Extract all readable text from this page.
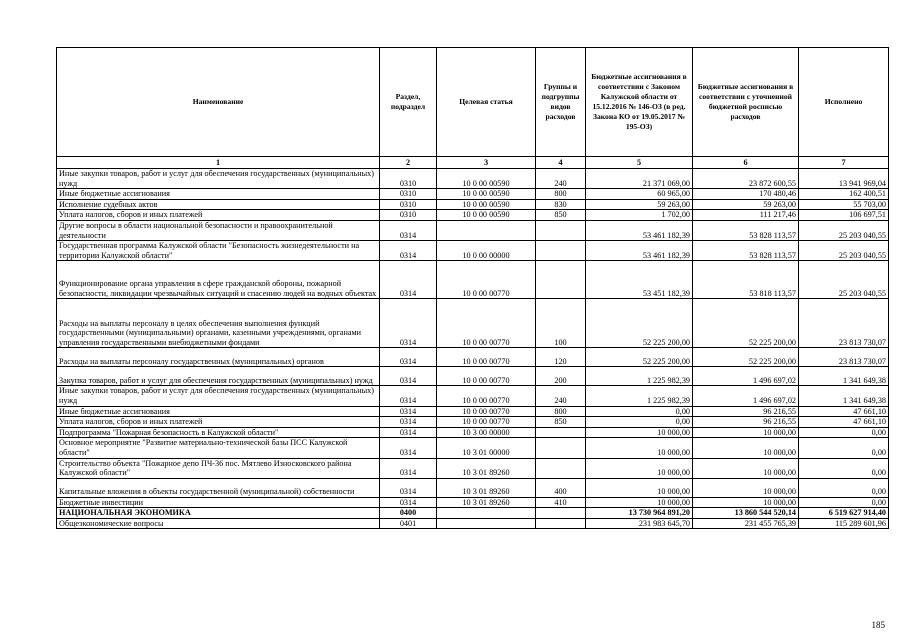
Наименование	Раздел, подраздел	Целевая статья	Группы и подгруппы видов расходов	Бюджетные ассигнования в соответствии с Законом Калужской области от 15.12.2016 № 146-ОЗ (в ред. Закона КО от 19.05.2017 № 195-ОЗ)	Бюджетные ассигнования в соответствии с уточненной бюджетной росписью расходов	Исполнено
1	2	3	4	5	6	7
Иные закупки товаров, работ и услуг для обеспечения государственных (муниципальных) нужд	0310	10 0 00 00590	240	21 371 069,00	23 872 600,55	13 941 969,04
Иные бюджетные ассигнования	0310	10 0 00 00590	800	60 965,00	170 480,46	162 400,51
Исполнение судебных актов	0310	10 0 00 00590	830	59 263,00	59 263,00	55 703,00
Уплата налогов, сборов и иных платежей	0310	10 0 00 00590	850	1 702,00	111 217,46	106 697,51
Другие вопросы в области национальной безопасности и правоохранительной деятельности	0314			53 461 182,39	53 828 113,57	25 203 040,55
Государственная программа Калужской области "Безопасность жизнедеятельности на территории Калужской области"	0314	10 0 00 00000		53 461 182,39	53 828 113,57	25 203 040,55
Функционирование органа управления в сфере гражданской обороны, пожарной безопасности, ликвидации чрезвычайных ситуаций и спасению людей на водных объектах	0314	10 0 00 00770		53 451 182,39	53 818 113,57	25 203 040,55
Расходы на выплаты персоналу в целях обеспечения выполнения функций государственными (муниципальными) органами, казенными учреждениями, органами управления государственными внебюджетными фондами	0314	10 0 00 00770	100	52 225 200,00	52 225 200,00	23 813 730,07
Расходы на выплаты персоналу государственных (муниципальных) органов	0314	10 0 00 00770	120	52 225 200,00	52 225 200,00	23 813 730,07
Закупка товаров, работ и услуг для обеспечения государственных (муниципальных) нужд	0314	10 0 00 00770	200	1 225 982,39	1 496 697,02	1 341 649,38
Иные закупки товаров, работ и услуг для обеспечения государственных (муниципальных) нужд	0314	10 0 00 00770	240	1 225 982,39	1 496 697,02	1 341 649,38
Иные бюджетные ассигнования	0314	10 0 00 00770	800	0,00	96 216,55	47 661,10
Уплата налогов, сборов и иных платежей	0314	10 0 00 00770	850	0,00	96 216,55	47 661,10
Подпрограмма "Пожарная безопасность в Калужской области"	0314	10 3 00 00000		10 000,00	10 000,00	0,00
Основное мероприятие "Развитие материально-технической базы ПСС Калужской области"	0314	10 3 01 00000		10 000,00	10 000,00	0,00
Строительство объекта "Пожарное депо ПЧ-36 пос. Мятлево Износковского района Калужской области"	0314	10 3 01 89260		10 000,00	10 000,00	0,00
Капитальные вложения в объекты государственной (муниципальной) собственности	0314	10 3 01 89260	400	10 000,00	10 000,00	0,00
Бюджетные инвестиции	0314	10 3 01 89260	410	10 000,00	10 000,00	0,00
НАЦИОНАЛЬНАЯ ЭКОНОМИКА	0400			13 730 964 891,20	13 860 544 520,14	6 519 627 914,40
Общеэкономические вопросы	0401			231 983 645,70	231 455 765,39	115 289 601,96
185
